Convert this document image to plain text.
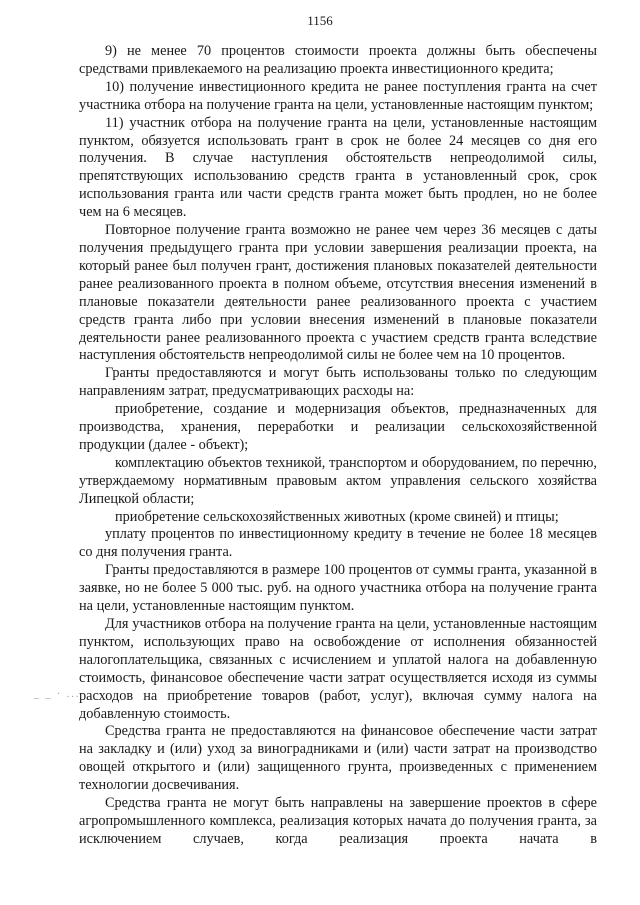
1156
_ _ · ...

9) не менее 70 процентов стоимости проекта должны быть обеспечены средствами привлекаемого на реализацию проекта инвестиционного кредита;

10) получение инвестиционного кредита не ранее поступления гранта на счет участника отбора на получение гранта на цели, установленные настоящим пунктом;

11) участник отбора на получение гранта на цели, установленные настоящим пунктом, обязуется использовать грант в срок не более 24 месяцев со дня его получения. В случае наступления обстоятельств непреодолимой силы, препятствующих использованию средств гранта в установленный срок, срок использования гранта или части средств гранта может быть продлен, но не более чем на 6 месяцев.

Повторное получение гранта возможно не ранее чем через 36 месяцев с даты получения предыдущего гранта при условии завершения реализации проекта, на который ранее был получен грант, достижения плановых показателей деятельности ранее реализованного проекта в полном объеме, отсутствия внесения изменений в плановые показатели деятельности ранее реализованного проекта с участием средств гранта либо при условии внесения изменений в плановые показатели деятельности ранее реализованного проекта с участием средств гранта вследствие наступления обстоятельств непреодолимой силы не более чем на 10 процентов.

Гранты предоставляются и могут быть использованы только по следующим направлениям затрат, предусматривающих расходы на:

приобретение, создание и модернизация объектов, предназначенных для производства, хранения, переработки и реализации сельскохозяйственной продукции (далее - объект);

комплектацию объектов техникой, транспортом и оборудованием, по перечню, утверждаемому нормативным правовым актом управления сельского хозяйства Липецкой области;

приобретение сельскохозяйственных животных (кроме свиней) и птицы;

уплату процентов по инвестиционному кредиту в течение не более 18 месяцев со дня получения гранта.

Гранты предоставляются в размере 100 процентов от суммы гранта, указанной в заявке, но не более 5 000 тыс. руб. на одного участника отбора на получение гранта на цели, установленные настоящим пунктом.

Для участников отбора на получение гранта на цели, установленные настоящим пунктом, использующих право на освобождение от исполнения обязанностей налогоплательщика, связанных с исчислением и уплатой налога на добавленную стоимость, финансовое обеспечение части затрат осуществляется исходя из суммы расходов на приобретение товаров (работ, услуг), включая сумму налога на добавленную стоимость.

Средства гранта не предоставляются на финансовое обеспечение части затрат на закладку и (или) уход за виноградниками и (или) части затрат на производство овощей открытого и (или) защищенного грунта, произведенных с применением технологии досвечивания.

Средства гранта не могут быть направлены на завершение проектов в сфере агропромышленного комплекса, реализация которых начата до получения гранта, за исключением случаев, когда реализация проекта начата в
